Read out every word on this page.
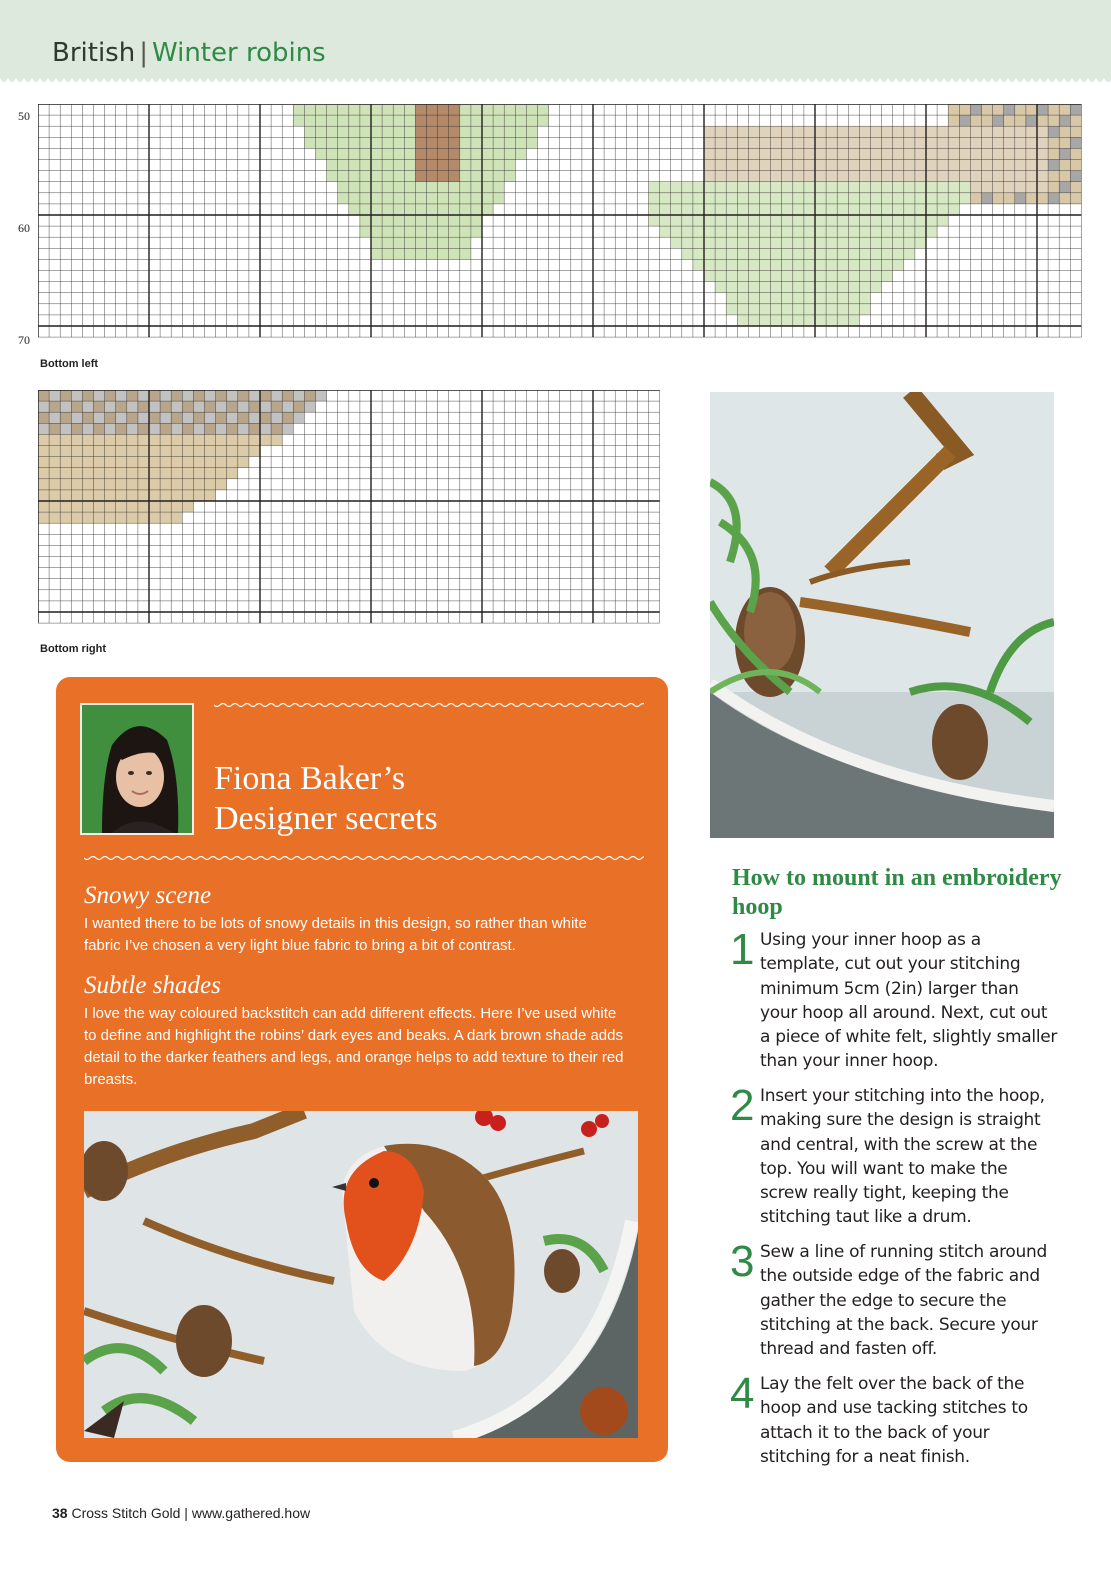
British | Winter robins
50
60
70
Bottom left
Bottom right
Fiona Baker’s
Designer secrets
Snowy scene
I wanted there to be lots of snowy details in this design, so rather than white fabric I’ve chosen a very light blue fabric to bring a bit of contrast.
Subtle shades
I love the way coloured backstitch can add different effects. Here I’ve used white to define and highlight the robins’ dark eyes and beaks. A dark brown shade adds detail to the darker feathers and legs, and orange helps to add texture to their red breasts.
How to mount in an embroidery hoop
1 Using your inner hoop as a template, cut out your stitching minimum 5cm (2in) larger than your hoop all around. Next, cut out a piece of white felt, slightly smaller than your inner hoop.
2 Insert your stitching into the hoop, making sure the design is straight and central, with the screw at the top. You will want to make the screw really tight, keeping the stitching taut like a drum.
3 Sew a line of running stitch around the outside edge of the fabric and gather the edge to secure the stitching at the back. Secure your thread and fasten off.
4 Lay the felt over the back of the hoop and use tacking stitches to attach it to the back of your stitching for a neat finish.
38 Cross Stitch Gold | www.gathered.how
